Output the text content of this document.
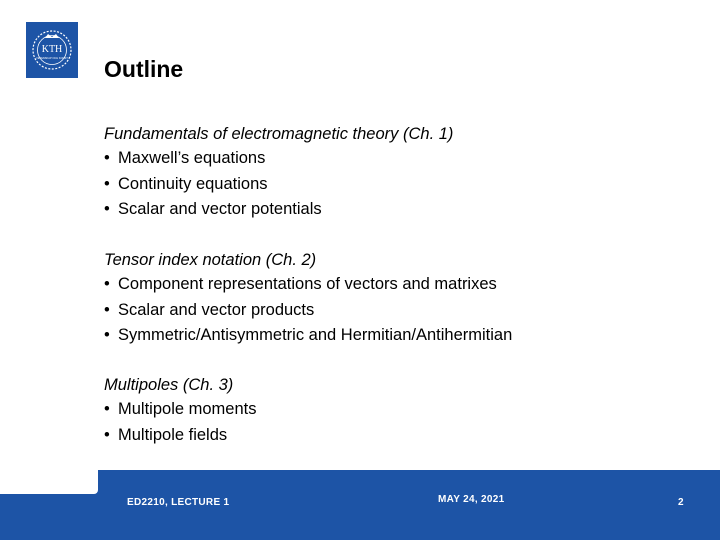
KTH
VETENSKAP OCH KONST Outline
Fundamentals of electromagnetic theory (Ch. 1)
• Maxwell’s equations
• Continuity equations
• Scalar and vector potentials
Tensor index notation (Ch. 2)
• Component representations of vectors and matrixes
• Scalar and vector products
• Symmetric/Antisymmetric and Hermitian/Antihermitian
Multipoles (Ch. 3)
• Multipole moments
• Multipole fields
ED2210, LECTURE 1	MAY 24, 2021	2
